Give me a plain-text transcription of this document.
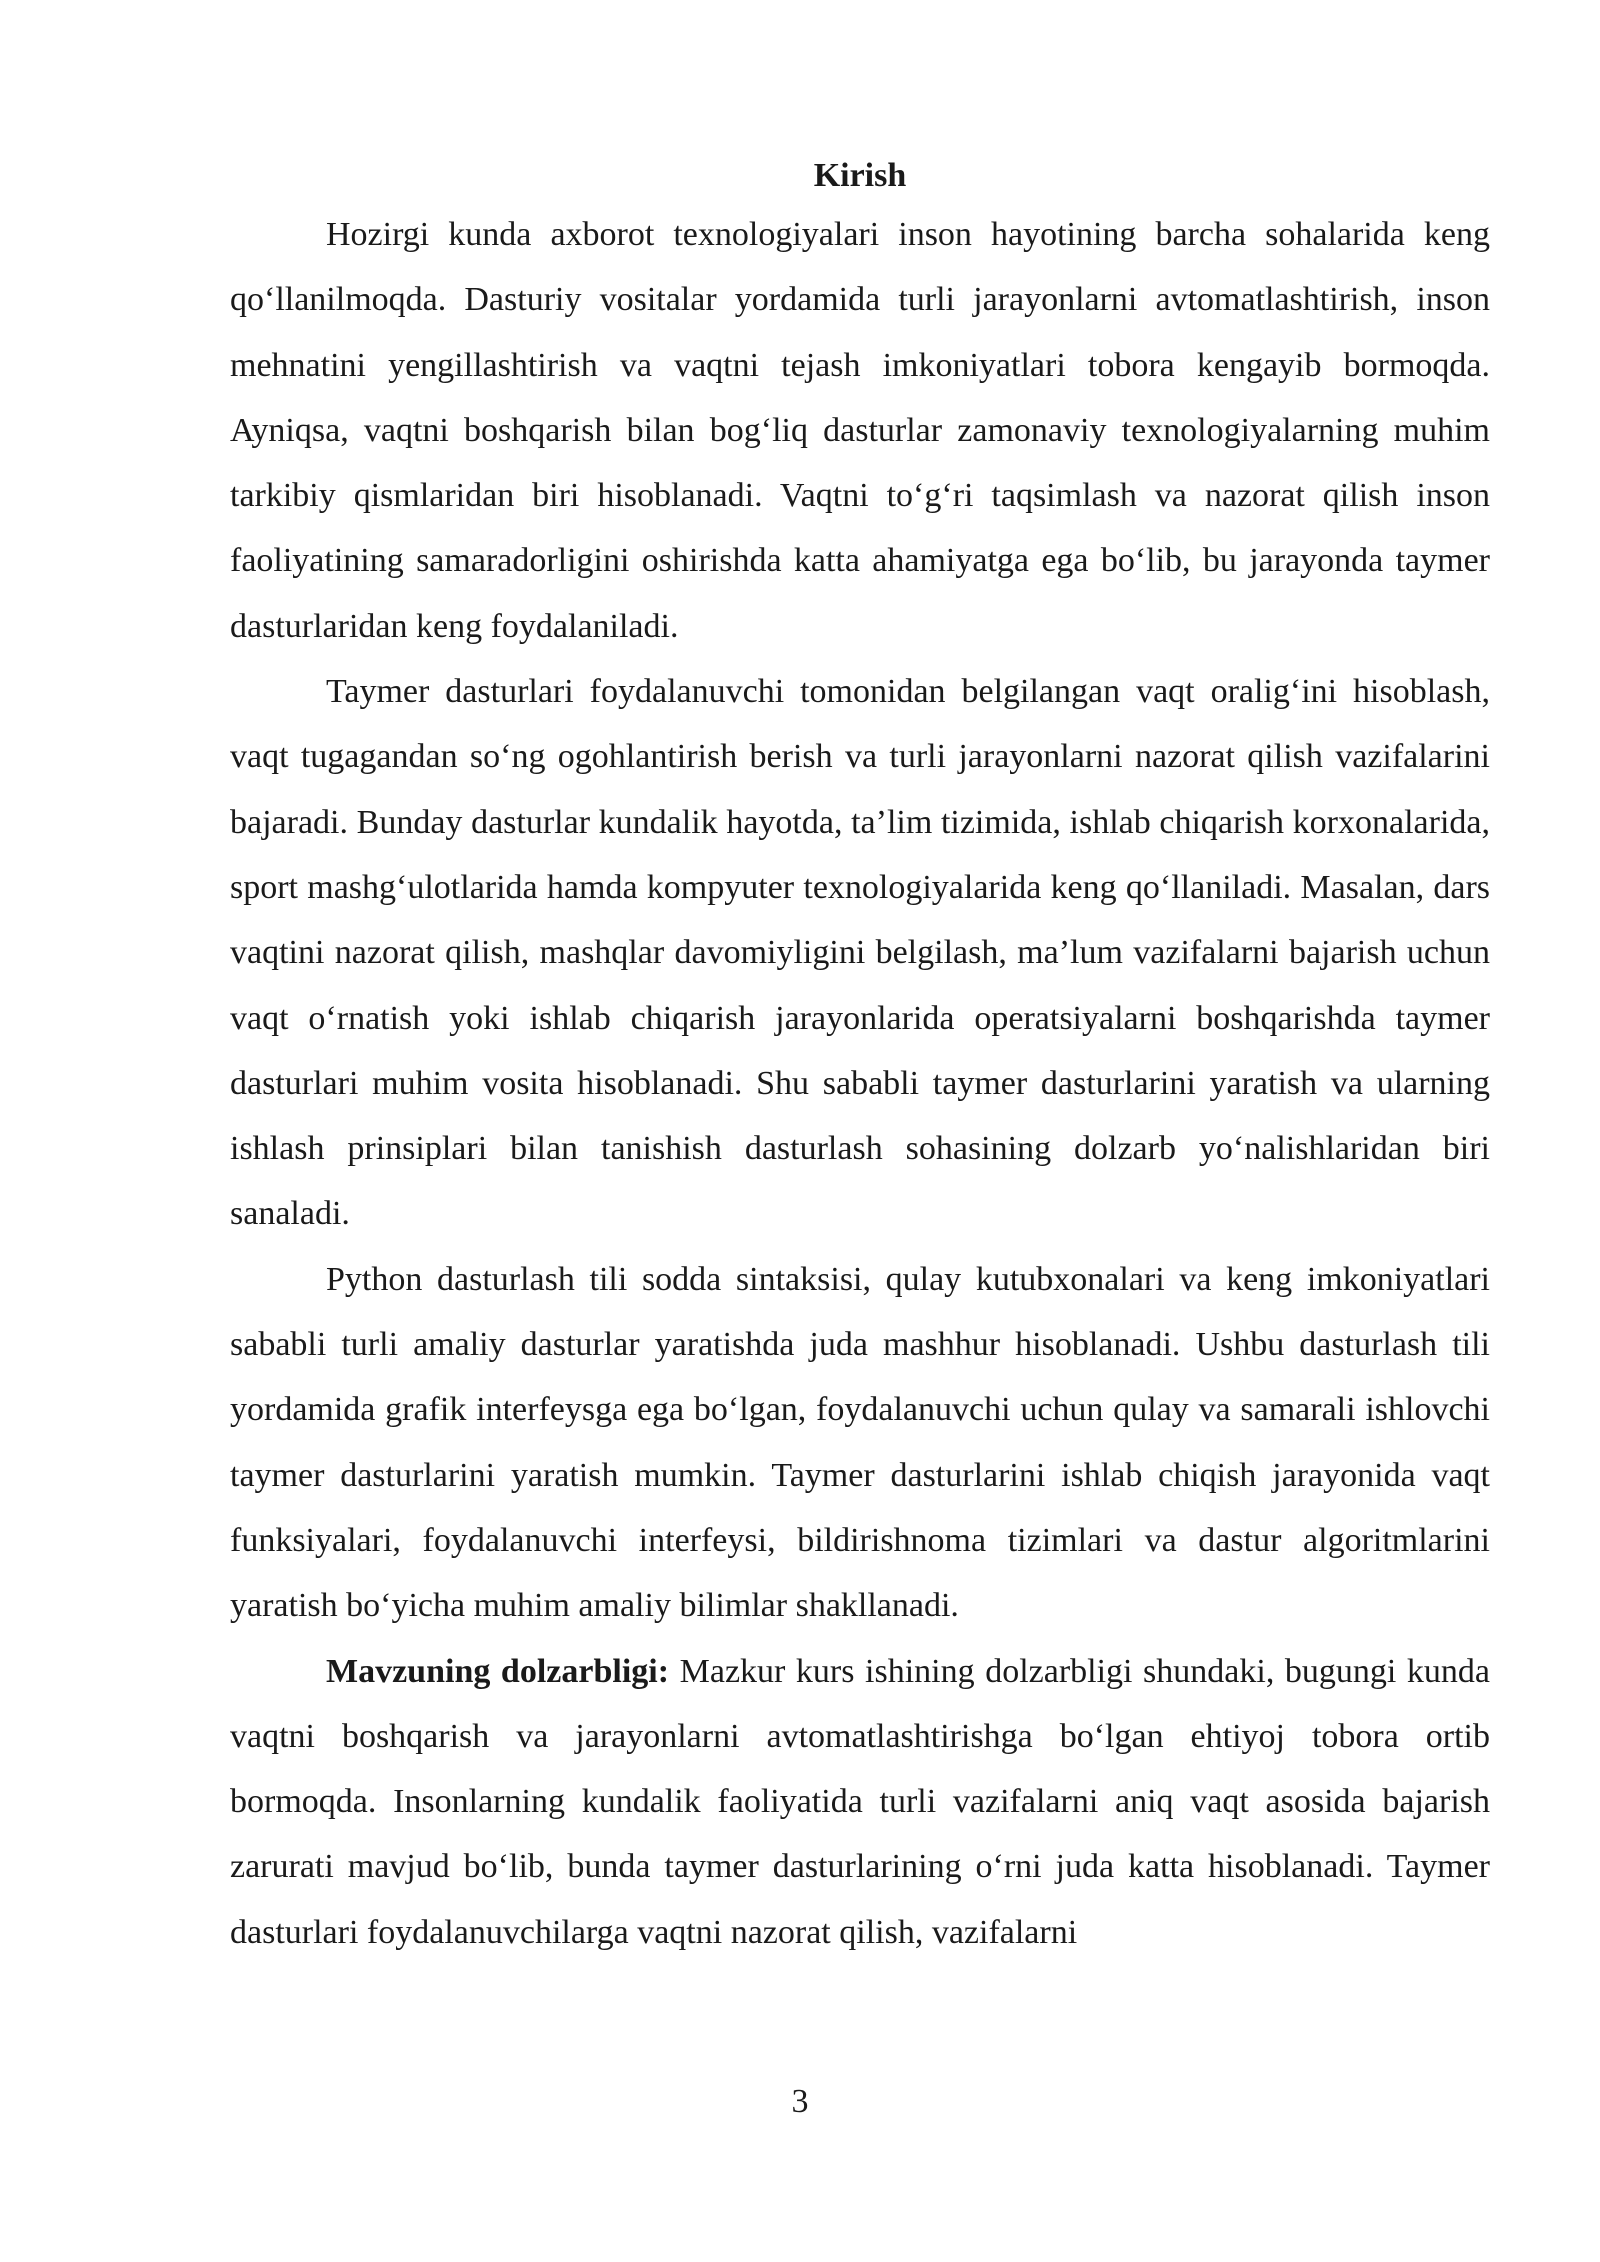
Kirish

Hozirgi kunda axborot texnologiyalari inson hayotining barcha sohalarida keng qo‘llanilmoqda. Dasturiy vositalar yordamida turli jarayonlarni avtomatlashtirish, inson mehnatini yengillashtirish va vaqtni tejash imkoniyatlari tobora kengayib bormoqda. Ayniqsa, vaqtni boshqarish bilan bog‘liq dasturlar zamonaviy texnologiyalarning muhim tarkibiy qismlaridan biri hisoblanadi. Vaqtni to‘g‘ri taqsimlash va nazorat qilish inson faoliyatining samaradorligini oshirishda katta ahamiyatga ega bo‘lib, bu jarayonda taymer dasturlaridan keng foydalaniladi.

Taymer dasturlari foydalanuvchi tomonidan belgilangan vaqt oralig‘ini hisoblash, vaqt tugagandan so‘ng ogohlantirish berish va turli jarayonlarni nazorat qilish vazifalarini bajaradi. Bunday dasturlar kundalik hayotda, ta’lim tizimida, ishlab chiqarish korxonalarida, sport mashg‘ulotlarida hamda kompyuter texnologiyalarida keng qo‘llaniladi. Masalan, dars vaqtini nazorat qilish, mashqlar davomiyligini belgilash, ma’lum vazifalarni bajarish uchun vaqt o‘rnatish yoki ishlab chiqarish jarayonlarida operatsiyalarni boshqarishda taymer dasturlari muhim vosita hisoblanadi. Shu sababli taymer dasturlarini yaratish va ularning ishlash prinsiplari bilan tanishish dasturlash sohasining dolzarb yo‘nalishlaridan biri sanaladi.

Python dasturlash tili sodda sintaksisi, qulay kutubxonalari va keng imkoniyatlari sababli turli amaliy dasturlar yaratishda juda mashhur hisoblanadi. Ushbu dasturlash tili yordamida grafik interfeysga ega bo‘lgan, foydalanuvchi uchun qulay va samarali ishlovchi taymer dasturlarini yaratish mumkin. Taymer dasturlarini ishlab chiqish jarayonida vaqt funksiyalari, foydalanuvchi interfeysi, bildirishnoma tizimlari va dastur algoritmlarini yaratish bo‘yicha muhim amaliy bilimlar shakllanadi.

Mavzuning dolzarbligi: Mazkur kurs ishining dolzarbligi shundaki, bugungi kunda vaqtni boshqarish va jarayonlarni avtomatlashtirishga bo‘lgan ehtiyoj tobora ortib bormoqda. Insonlarning kundalik faoliyatida turli vazifalarni aniq vaqt asosida bajarish zarurati mavjud bo‘lib, bunda taymer dasturlarining o‘rni juda katta hisoblanadi. Taymer dasturlari foydalanuvchilarga vaqtni nazorat qilish, vazifalarni

3
